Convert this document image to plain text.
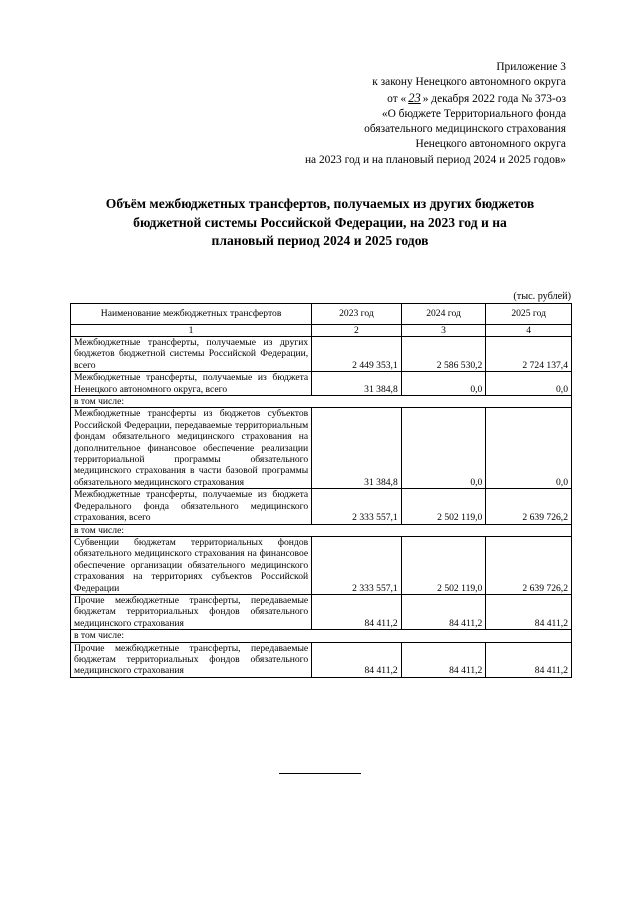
Приложение 3
к закону Ненецкого автономного округа
от « 23 » декабря 2022 года № 373-оз
«О бюджете Территориального фонда
обязательного медицинского страхования
Ненецкого автономного округа
на 2023 год и на плановый период 2024 и 2025 годов»
Объём межбюджетных трансфертов, получаемых из других бюджетов
бюджетной системы Российской Федерации, на 2023 год и на
плановый период 2024 и 2025 годов
(тыс. рублей)
Наименование межбюджетных трансфертов	2023 год	2024 год	2025 год
1	2	3	4
Межбюджетные трансферты, получаемые из других бюджетов бюджетной системы Российской Федерации, всего	2 449 353,1	2 586 530,2	2 724 137,4
Межбюджетные трансферты, получаемые из бюджета Ненецкого автономного округа, всего	31 384,8	0,0	0,0
в том числе:			
Межбюджетные трансферты из бюджетов субъектов Российской Федерации, передаваемые территориальным фондам обязательного медицинского страхования на дополнительное финансовое обеспечение реализации территориальной программы обязательного медицинского страхования в части базовой программы обязательного медицинского страхования	31 384,8	0,0	0,0
Межбюджетные трансферты, получаемые из бюджета Федерального фонда обязательного медицинского страхования, всего	2 333 557,1	2 502 119,0	2 639 726,2
в том числе:			
Субвенции бюджетам территориальных фондов обязательного медицинского страхования на финансовое обеспечение организации обязательного медицинского страхования на территориях субъектов Российской Федерации	2 333 557,1	2 502 119,0	2 639 726,2
Прочие межбюджетные трансферты, передаваемые бюджетам территориальных фондов обязательного медицинского страхования	84 411,2	84 411,2	84 411,2
в том числе:			
Прочие межбюджетные трансферты, передаваемые бюджетам территориальных фондов обязательного медицинского страхования	84 411,2	84 411,2	84 411,2
